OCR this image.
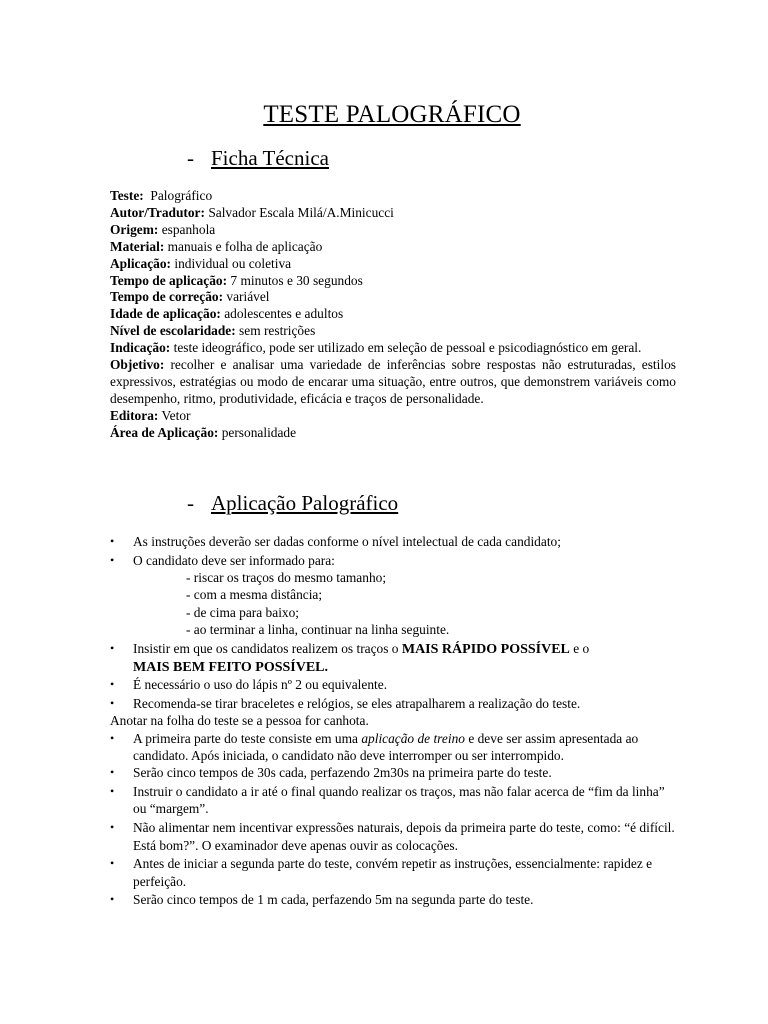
TESTE PALOGRÁFICO
- Ficha Técnica

Teste:  Palográfico

Autor/Tradutor: Salvador Escala Milá/A.Minicucci

Origem: espanhola

Material: manuais e folha de aplicação

Aplicação: individual ou coletiva

Tempo de aplicação: 7 minutos e 30 segundos

Tempo de correção: variável

Idade de aplicação: adolescentes e adultos

Nível de escolaridade: sem restrições

Indicação: teste ideográfico, pode ser utilizado em seleção de pessoal e psicodiagnóstico em geral.

Objetivo: recolher e analisar uma variedade de inferências sobre respostas não estruturadas, estilos expressivos, estratégias ou modo de encarar uma situação, entre outros, que demonstrem variáveis como desempenho, ritmo, produtividade, eficácia e traços de personalidade.

Editora: Vetor

Área de Aplicação: personalidade

- Aplicação Palográfico

• As instruções deverão ser dadas conforme o nível intelectual de cada candidato;

• O candidato deve ser informado para:

- riscar os traços do mesmo tamanho;

- com a mesma distância;

- de cima para baixo;

- ao terminar a linha, continuar na linha seguinte.

• Insistir em que os candidatos realizem os traços o MAIS RÁPIDO POSSÍVEL e o
MAIS BEM FEITO POSSÍVEL.

• É necessário o uso do lápis nº 2 ou equivalente.

• Recomenda-se tirar braceletes e relógios, se eles atrapalharem a realização do teste.

Anotar na folha do teste se a pessoa for canhota.

• A primeira parte do teste consiste em uma aplicação de treino e deve ser assim apresentada ao candidato. Após iniciada, o candidato não deve interromper ou ser interrompido.

• Serão cinco tempos de 30s cada, perfazendo 2m30s na primeira parte do teste.

• Instruir o candidato a ir até o final quando realizar os traços, mas não falar acerca de “fim da linha” ou “margem”.

• Não alimentar nem incentivar expressões naturais, depois da primeira parte do teste, como: “é difícil. Está bom?”. O examinador deve apenas ouvir as colocações.

• Antes de iniciar a segunda parte do teste, convém repetir as instruções, essencialmente: rapidez e perfeição.

• Serão cinco tempos de 1 m cada, perfazendo 5m na segunda parte do teste.
